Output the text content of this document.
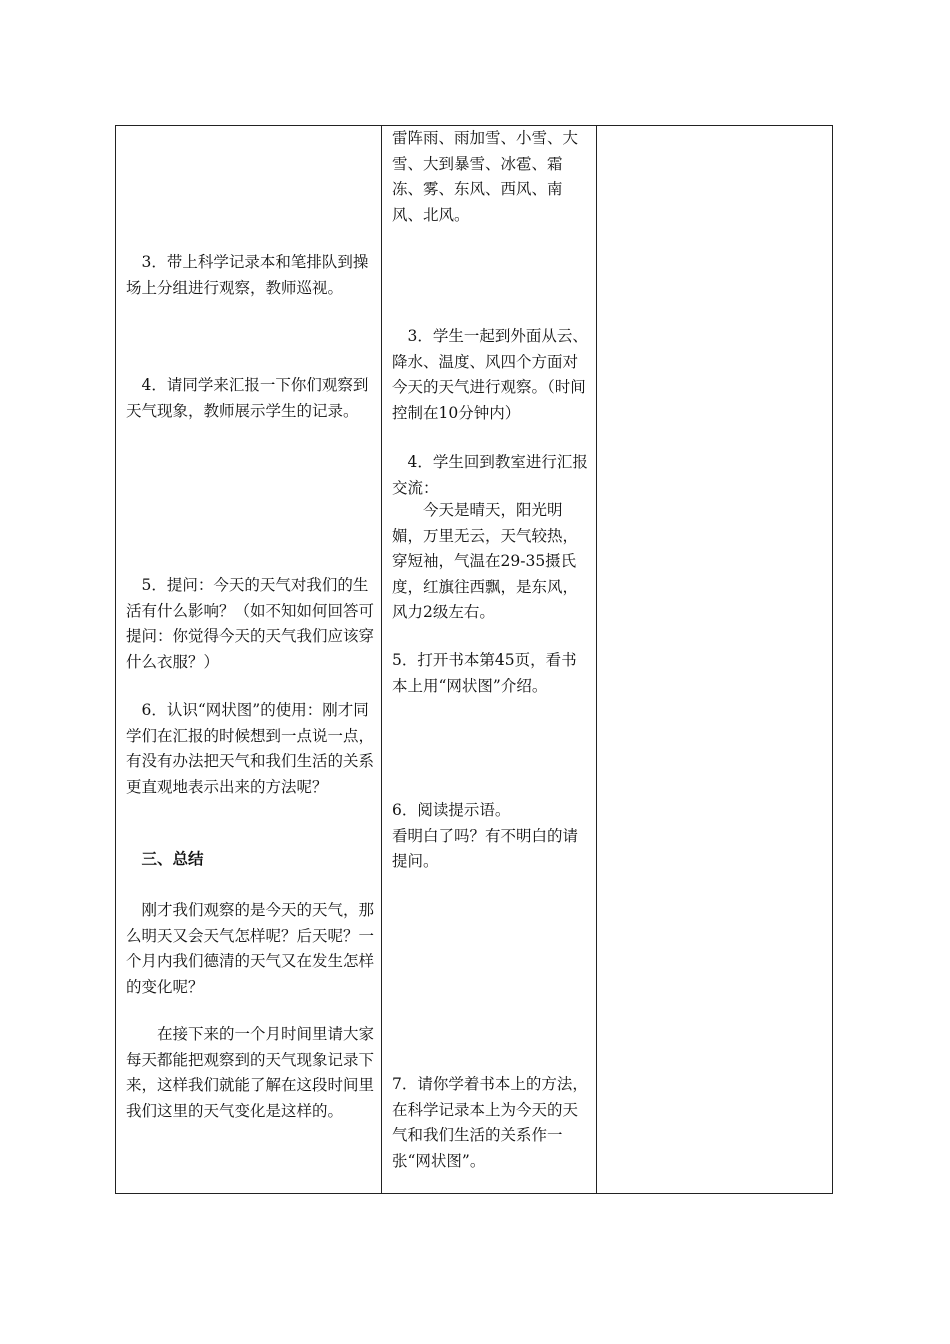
　3．带上科学记录本和笔排队到操场上分组进行观察，教师巡视。
　4．请同学来汇报一下你们观察到天气现象，教师展示学生的记录。
　5．提问：今天的天气对我们的生活有什么影响？（如不知如何回答可提问：你觉得今天的天气我们应该穿什么衣服？）
　6．认识“网状图”的使用：刚才同学们在汇报的时候想到一点说一点，有没有办法把天气和我们生活的关系更直观地表示出来的方法呢？
　三、总结
　刚才我们观察的是今天的天气，那么明天又会天气怎样呢？后天呢？一个月内我们德清的天气又在发生怎样的变化呢？
　　在接下来的一个月时间里请大家每天都能把观察到的天气现象记录下来，这样我们就能了解在这段时间里我们这里的天气变化是这样的。
雷阵雨、雨加雪、小雪、大雪、大到暴雪、冰雹、霜冻、雾、东风、西风、南风、北风。
　3．学生一起到外面从云、降水、温度、风四个方面对今天的天气进行观察。（时间控制在10分钟内）
　4．学生回到教室进行汇报交流：
　　今天是晴天，阳光明媚，万里无云，天气较热，穿短袖，气温在29-35摄氏度，红旗往西飘，是东风，风力2级左右。
5．打开书本第45页，看书本上用“网状图”介绍。
6．阅读提示语。
看明白了吗？有不明白的请提问。
7．请你学着书本上的方法，在科学记录本上为今天的天气和我们生活的关系作一张“网状图”。
